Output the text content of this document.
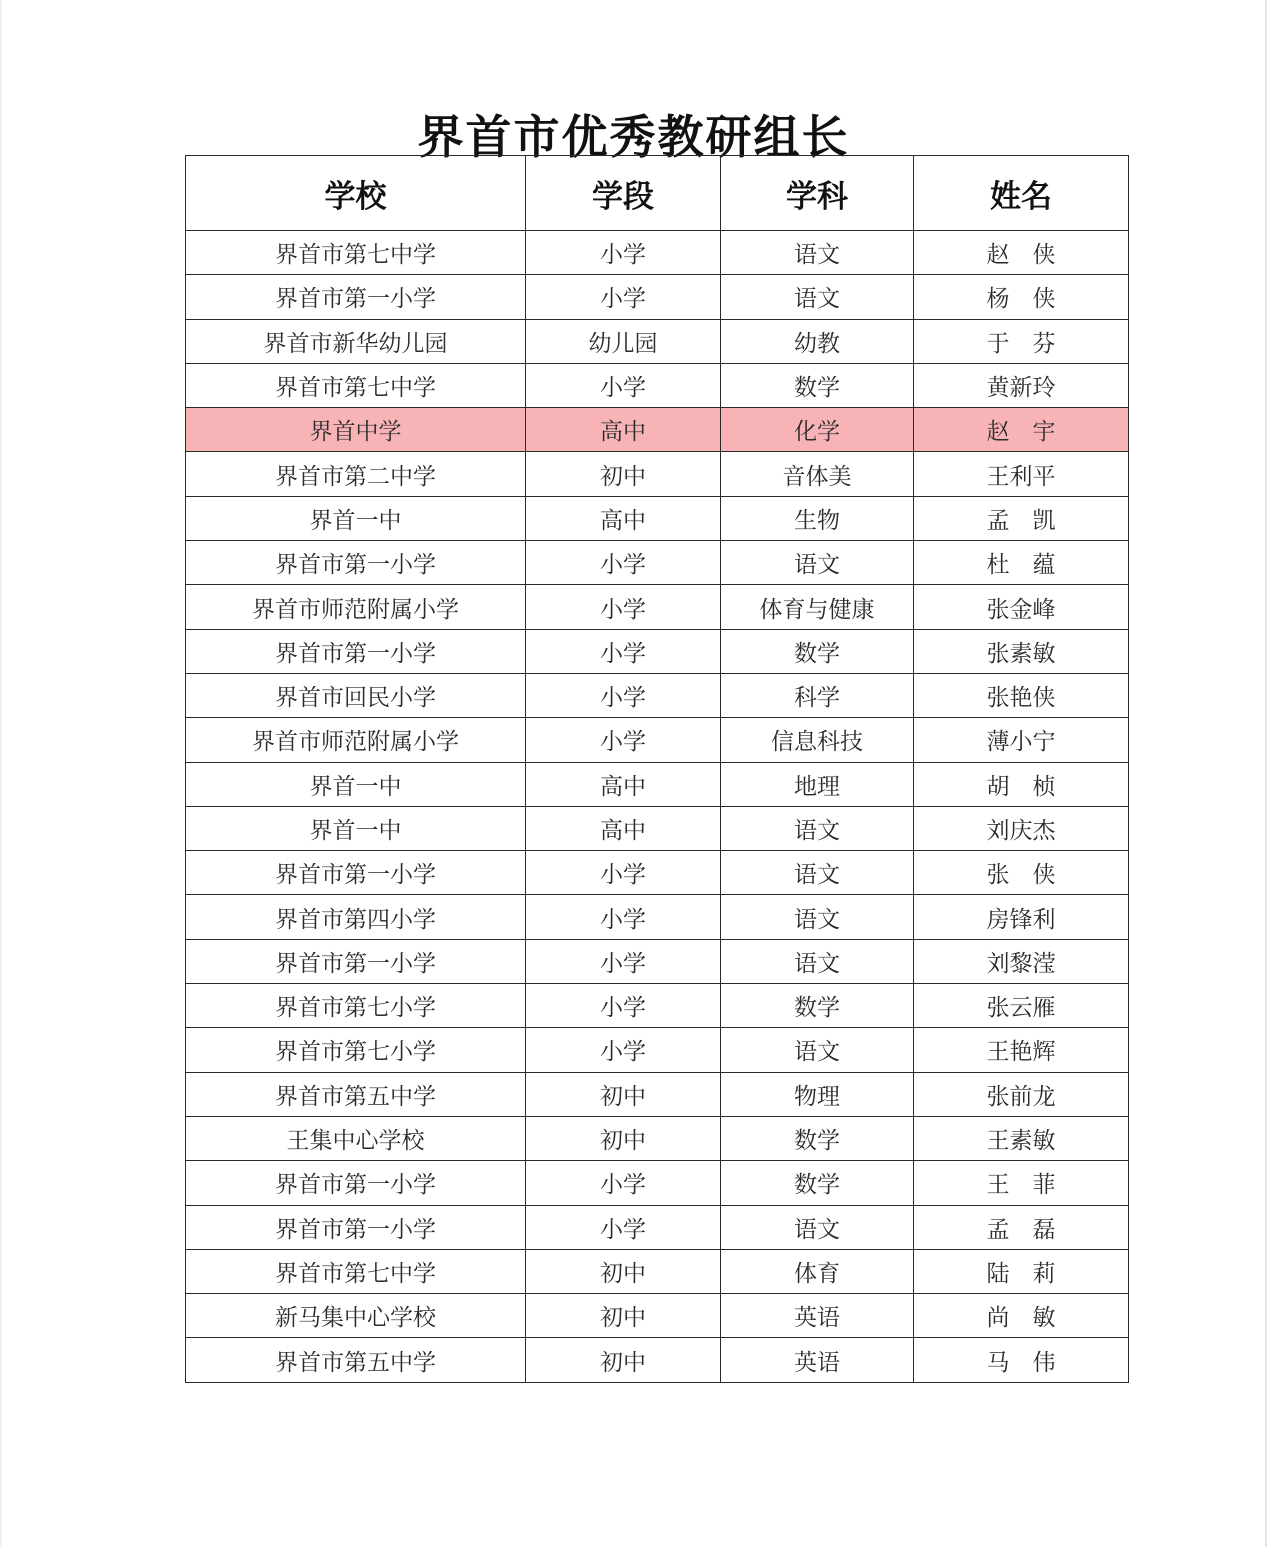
界首市优秀教研组长
学校	学段	学科	姓名
界首市第七中学	小学	语文	赵　侠
界首市第一小学	小学	语文	杨　侠
界首市新华幼儿园	幼儿园	幼教	于　芬
界首市第七中学	小学	数学	黄新玲
界首中学	高中	化学	赵　宇
界首市第二中学	初中	音体美	王利平
界首一中	高中	生物	孟　凯
界首市第一小学	小学	语文	杜　蕴
界首市师范附属小学	小学	体育与健康	张金峰
界首市第一小学	小学	数学	张素敏
界首市回民小学	小学	科学	张艳侠
界首市师范附属小学	小学	信息科技	薄小宁
界首一中	高中	地理	胡　桢
界首一中	高中	语文	刘庆杰
界首市第一小学	小学	语文	张　侠
界首市第四小学	小学	语文	房锋利
界首市第一小学	小学	语文	刘黎滢
界首市第七小学	小学	数学	张云雁
界首市第七小学	小学	语文	王艳辉
界首市第五中学	初中	物理	张前龙
王集中心学校	初中	数学	王素敏
界首市第一小学	小学	数学	王　菲
界首市第一小学	小学	语文	孟　磊
界首市第七中学	初中	体育	陆　莉
新马集中心学校	初中	英语	尚　敏
界首市第五中学	初中	英语	马　伟
